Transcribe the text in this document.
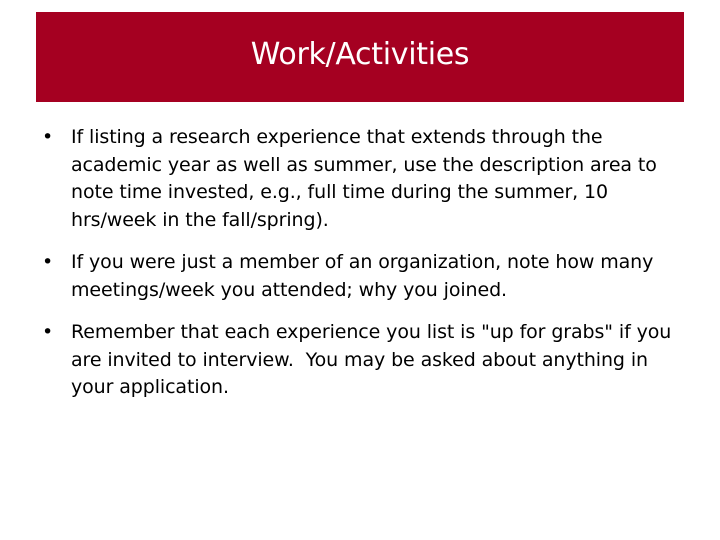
Work/Activities
• If listing a research experience that extends through the academic year as well as summer, use the description area to note time invested, e.g., full time during the summer, 10 hrs/week in the fall/spring).
• If you were just a member of an organization, note how many meetings/week you attended; why you joined.
• Remember that each experience you list is "up for grabs" if you are invited to interview.  You may be asked about anything in your application.
